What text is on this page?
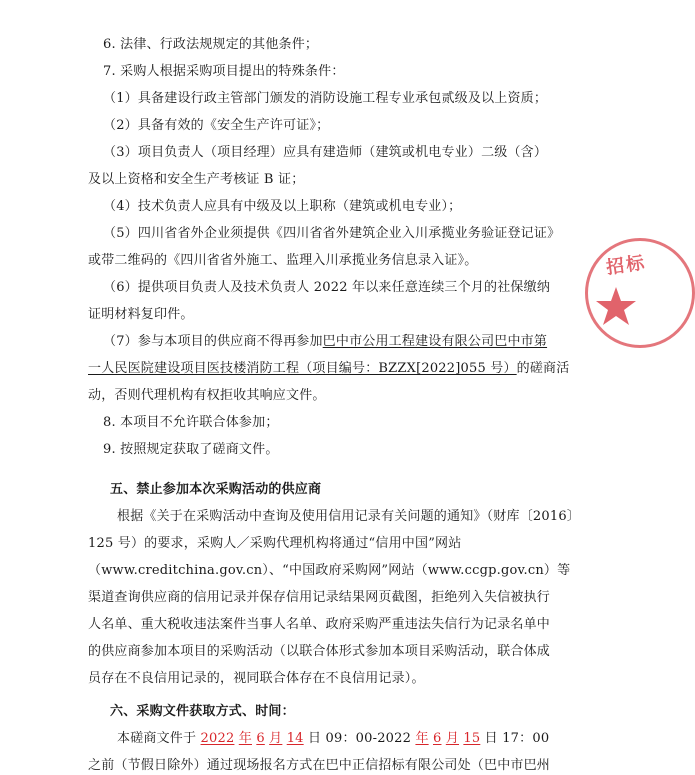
6. 法律、行政法规规定的其他条件；
7. 采购人根据采购项目提出的特殊条件：
（1）具备建设行政主管部门颁发的消防设施工程专业承包贰级及以上资质；
（2）具备有效的《安全生产许可证》；
（3）项目负责人（项目经理）应具有建造师（建筑或机电专业）二级（含）
及以上资格和安全生产考核证 B 证；
（4）技术负责人应具有中级及以上职称（建筑或机电专业）；
（5）四川省省外企业须提供《四川省省外建筑企业入川承揽业务验证登记证》
或带二维码的《四川省省外施工、监理入川承揽业务信息录入证》。
（6）提供项目负责人及技术负责人 2022 年以来任意连续三个月的社保缴纳
证明材料复印件。
（7）参与本项目的供应商不得再参加巴中市公用工程建设有限公司巴中市第
一人民医院建设项目医技楼消防工程（项目编号：BZZX[2022]055 号）的磋商活
动，否则代理机构有权拒收其响应文件。
8. 本项目不允许联合体参加；
9. 按照规定获取了磋商文件。
五、禁止参加本次采购活动的供应商
根据《关于在采购活动中查询及使用信用记录有关问题的通知》（财库〔2016〕
125 号）的要求，采购人／采购代理机构将通过“信用中国”网站
（www.creditchina.gov.cn）、“中国政府采购网”网站（www.ccgp.gov.cn）等
渠道查询供应商的信用记录并保存信用记录结果网页截图，拒绝列入失信被执行
人名单、重大税收违法案件当事人名单、政府采购严重违法失信行为记录名单中
的供应商参加本项目的采购活动（以联合体形式参加本项目采购活动，联合体成
员存在不良信用记录的，视同联合体存在不良信用记录）。
六、采购文件获取方式、时间：
本磋商文件于 2022 年 6 月 14 日 09：00-2022 年 6 月 15 日 17：00
之前（节假日除外）通过现场报名方式在巴中正信招标有限公司处（巴中市巴州
招标
